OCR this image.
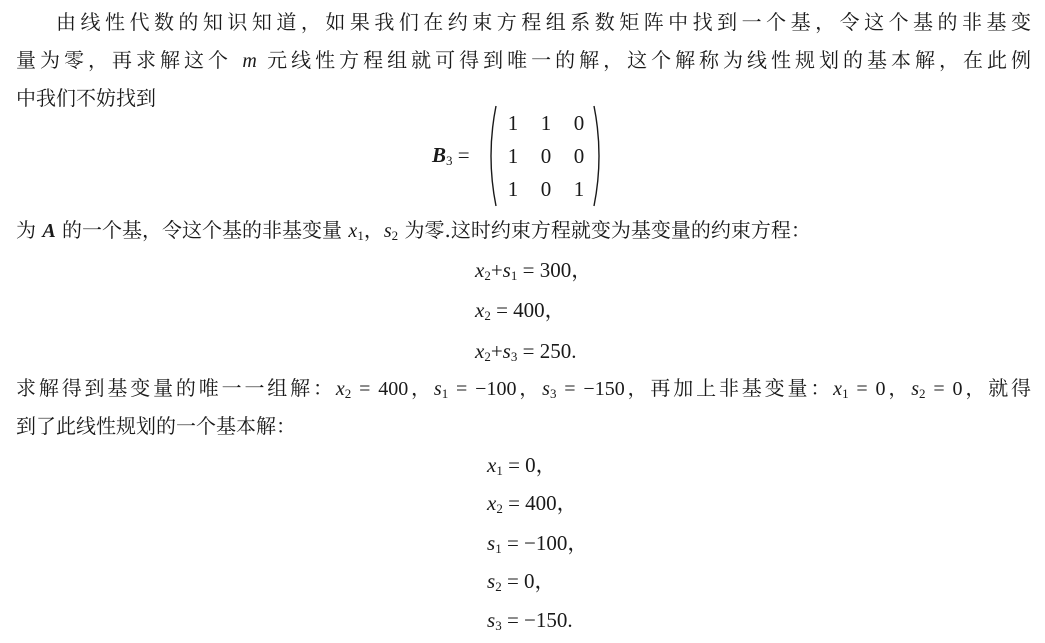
由线性代数的知识知道，如果我们在约束方程组系数矩阵中找到一个基，令这个基的非基变
量为零，再求解这个 m 元线性方程组就可得到唯一的解，这个解称为线性规划的基本解，在此例
中我们不妨找到
$B_3$ =
1 1 0
1 0 0
1 0 1
为 A 的一个基，令这个基的非基变量 $x_1$，$s_2$ 为零.这时约束方程就变为基变量的约束方程：
$x_2+s_1 = 300$，
$x_2 = 400$，
$x_2+s_3 = 250$.
求解得到基变量的唯一一组解：$x_2 = 400$，$s_1 = -100$，$s_3 = -150$，再加上非基变量：$x_1 = 0$，$s_2 = 0$，就得
到了此线性规划的一个基本解：
$x_1 = 0$，
$x_2 = 400$，
$s_1 = -100$，
$s_2 = 0$，
$s_3 = -150$.
